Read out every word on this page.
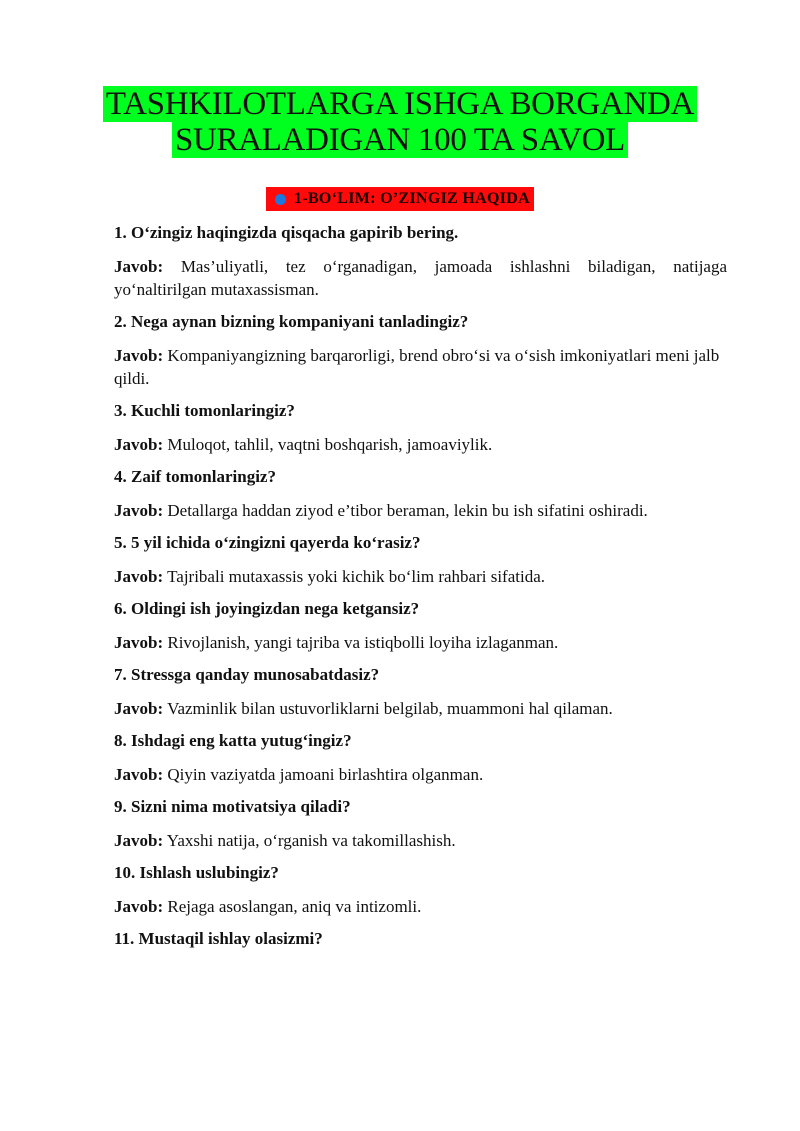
TASHKILOTLARGA ISHGA BORGANDA
SURALADIGAN 100 TA SAVOL
1-BO‘LIM: O’ZINGIZ HAQIDA

1. O‘zingiz haqingizda qisqacha gapirib bering.

Javob: Mas’uliyatli, tez o‘rganadigan, jamoada ishlashni biladigan, natijaga yo‘naltirilgan mutaxassisman.

2. Nega aynan bizning kompaniyani tanladingiz?

Javob: Kompaniyangizning barqarorligi, brend obro‘si va o‘sish imkoniyatlari meni jalb qildi.

3. Kuchli tomonlaringiz?

Javob: Muloqot, tahlil, vaqtni boshqarish, jamoaviylik.

4. Zaif tomonlaringiz?

Javob: Detallarga haddan ziyod e’tibor beraman, lekin bu ish sifatini oshiradi.

5. 5 yil ichida o‘zingizni qayerda ko‘rasiz?

Javob: Tajribali mutaxassis yoki kichik bo‘lim rahbari sifatida.

6. Oldingi ish joyingizdan nega ketgansiz?

Javob: Rivojlanish, yangi tajriba va istiqbolli loyiha izlaganman.

7. Stressga qanday munosabatdasiz?

Javob: Vazminlik bilan ustuvorliklarni belgilab, muammoni hal qilaman.

8. Ishdagi eng katta yutug‘ingiz?

Javob: Qiyin vaziyatda jamoani birlashtira olganman.

9. Sizni nima motivatsiya qiladi?

Javob: Yaxshi natija, o‘rganish va takomillashish.

10. Ishlash uslubingiz?

Javob: Rejaga asoslangan, aniq va intizomli.

11. Mustaqil ishlay olasizmi?
